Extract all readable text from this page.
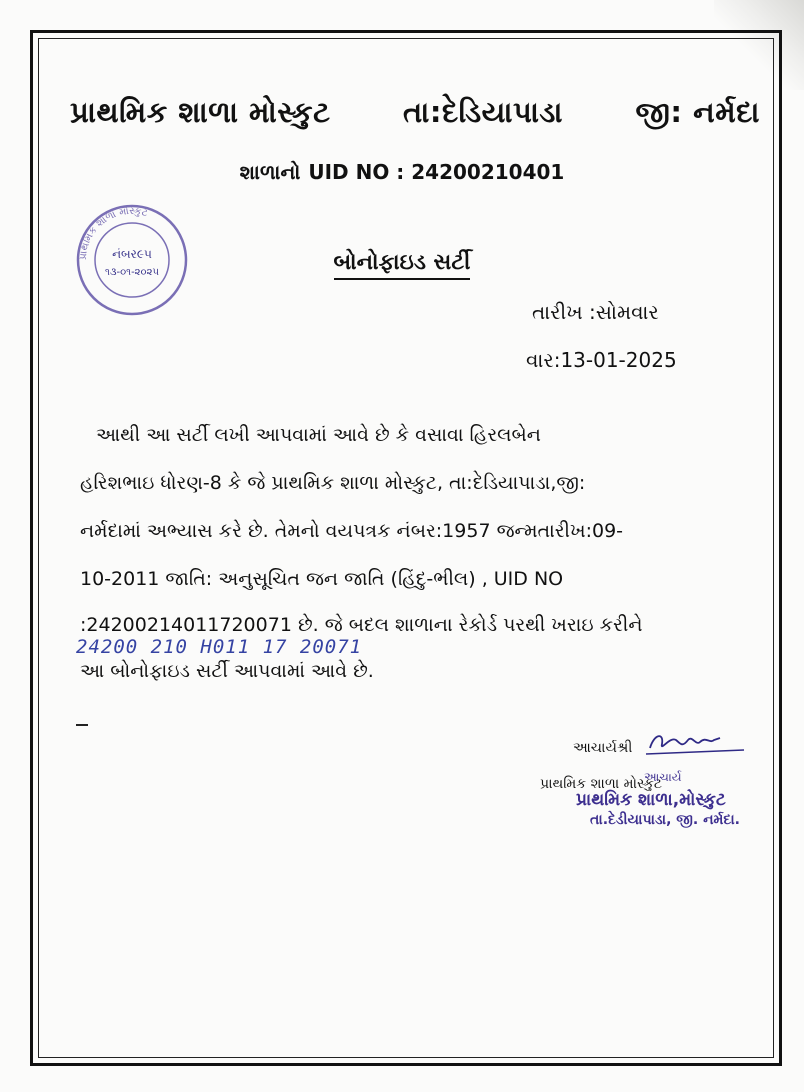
પ્રાથમિક શાળા મોસ્કુટ	તા:દેડિયાપાડા	જી: નર્મદા
શાળાનો UID NO : 24200210401
પ્રાથમિક શાળા મોસ્કુટ
નંબર૯૫
૧૩-૦૧-૨૦૨૫	બોનોફાઇડ સર્ટી
તારીખ :સોમવાર
વાર:13-01-2025
આથી આ સર્ટી લખી આપવામાં આવે છે કે વસાવા હિરલબેન
હરિશભાઇ ધોરણ-8 કે જે પ્રાથમિક શાળા મોસ્કુટ, તા:દેડિયાપાડા,જી:
નર્મદામાં અભ્યાસ કરે છે. તેમનો વયપત્રક નંબર:1957 જન્મતારીખ:09-
10-2011 જાતિ: અનુસૂચિત જન જાતિ (હિંદુ-ભીલ) , UID NO
:24200214011720071 છે. જે બદલ શાળાના રેકોર્ડ પરથી ખરાઇ કરીને
24200 210 H011 17 20071
આ બોનોફાઇડ સર્ટી આપવામાં આવે છે.
આચાર્યશ્રી
પ્રાથમિક શાળા મોસ્કુટ
આચાર્ય
પ્રાથમિક શાળા,મોસ્કુટ
તા.દેડીયાપાડા, જી. નર્મદા.
